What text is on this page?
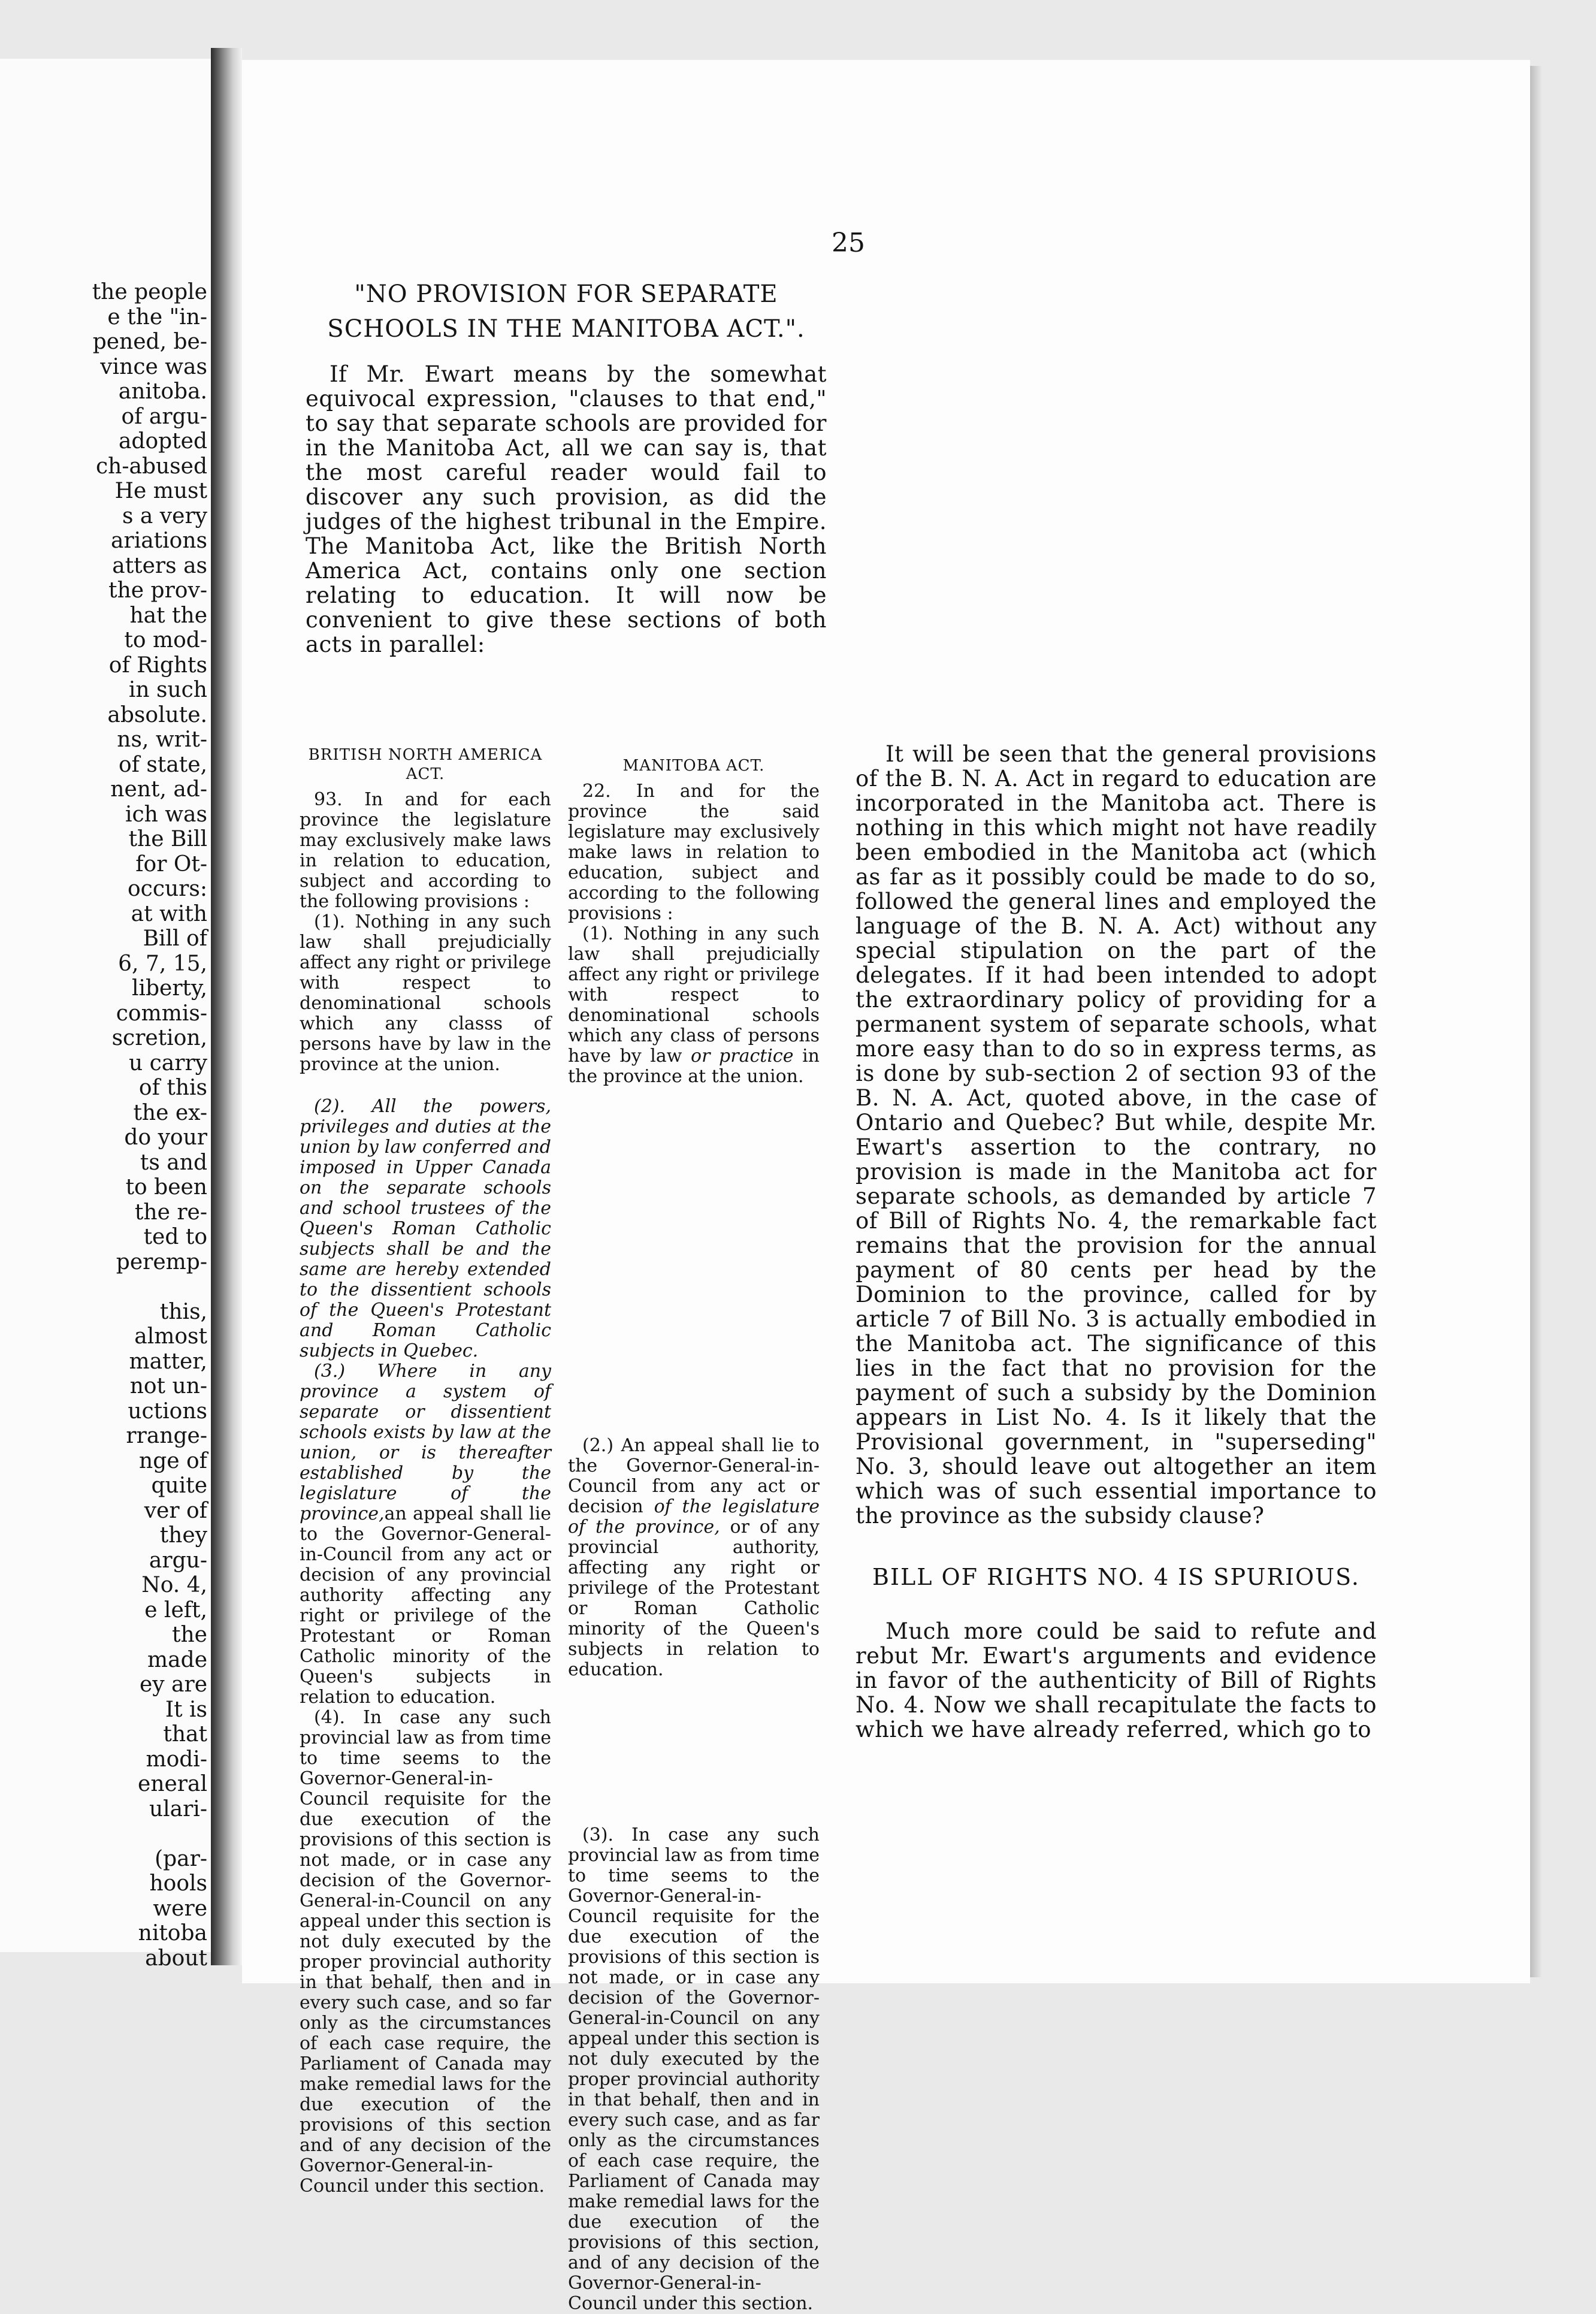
the people
e the "in-
pened, be-
vince was
anitoba.
of argu-
adopted
ch-abused
He must
s a very
ariations
atters as
the prov-
hat the
to mod-
of Rights
in such
absolute.
ns, writ-
of state,
nent, ad-
ich was
the Bill
for Ot-
occurs:
at with
Bill of
6, 7, 15,
liberty,
commis-
scretion,
u carry
of this
the ex-
do your
ts and
to been
the re-
ted to
peremp-
this,
almost
matter,
not un-
uctions
rrange-
nge of
quite
ver of
they
argu-
No. 4,
e left,
the
made
ey are
It is
that
modi-
eneral
ulari-
(par-
hools
were
nitoba
about
25

"NO PROVISION FOR SEPARATE SCHOOLS IN THE MANITOBA ACT.".

If Mr. Ewart means by the somewhat equivocal expression, "clauses to that end," to say that separate schools are provided for in the Manitoba Act, all we can say is, that the most careful reader would fail to discover any such provision, as did the judges of the highest tribunal in the Empire. The Manitoba Act, like the British North America Act, contains only one section relating to education. It will now be convenient to give these sections of both acts in parallel:

BRITISH NORTH AMERICA ACT.

93. In and for each province the legislature may exclusively make laws in relation to education, subject and according to the following provisions :

(1). Nothing in any such law shall prejudicially affect any right or privilege with respect to denominational schools which any classs of persons have by law in the province at the union.

(2). All the powers, privileges and duties at the union by law conferred and imposed in Upper Canada on the separate schools and school trustees of the Queen's Roman Catholic subjects shall be and the same are hereby extended to the dissentient schools of the Queen's Protestant and Roman Catholic subjects in Quebec.

(3.) Where in any province a system of separate or dissentient schools exists by law at the union, or is thereafter established by the legislature of the province,an appeal shall lie to the Governor-General-in-Council from any act or decision of any provincial authority affecting any right or privilege of the Protestant or Roman Catholic minority of the Queen's subjects in relation to education.

(4). In case any such provincial law as from time to time seems to the Governor-General-in-Council requisite for the due execution of the provisions of this section is not made, or in case any decision of the Governor-General-in-Council on any appeal under this section is not duly executed by the proper provincial authority in that behalf, then and in every such case, and so far only as the circumstances of each case require, the Parliament of Canada may make remedial laws for the due execution of the provisions of this section and of any decision of the Governor-General-in-Council under this section.

MANITOBA ACT.

22. In and for the province the said legislature may exclusively make laws in relation to education, subject and according to the following provisions :

(1). Nothing in any such law shall prejudicially affect any right or privilege with respect to denominational schools which any class of persons have by law or practice in the province at the union.

(2.) An appeal shall lie to the Governor-General-in-Council from any act or decision of the legislature of the province, or of any provincial authority, affecting any right or privilege of the Protestant or Roman Catholic minority of the Queen's subjects in relation to education.

(3). In case any such provincial law as from time to time seems to the Governor-General-in-Council requisite for the due execution of the provisions of this section is not made, or in case any decision of the Governor-General-in-Council on any appeal under this section is not duly executed by the proper provincial authority in that behalf, then and in every such case, and as far only as the circumstances of each case require, the Parliament of Canada may make remedial laws for the due execution of the provisions of this section, and of any decision of the Governor-General-in-Council under this section.

It will be seen that the general provisions of the B. N. A. Act in regard to education are incorporated in the Manitoba act. There is nothing in this which might not have readily been embodied in the Manitoba act (which as far as it possibly could be made to do so, followed the general lines and employed the language of the B. N. A. Act) without any special stipulation on the part of the delegates. If it had been intended to adopt the extraordinary policy of providing for a permanent system of separate schools, what more easy than to do so in express terms, as is done by sub-section 2 of section 93 of the B. N. A. Act, quoted above, in the case of Ontario and Quebec? But while, despite Mr. Ewart's assertion to the contrary, no provision is made in the Manitoba act for separate schools, as demanded by article 7 of Bill of Rights No. 4, the remarkable fact remains that the provision for the annual payment of 80 cents per head by the Dominion to the province, called for by article 7 of Bill No. 3 is actually embodied in the Manitoba act. The significance of this lies in the fact that no provision for the payment of such a subsidy by the Dominion appears in List No. 4. Is it likely that the Provisional government, in "superseding" No. 3, should leave out altogether an item which was of such essential importance to the province as the subsidy clause?

BILL OF RIGHTS NO. 4 IS SPURIOUS.

Much more could be said to refute and rebut Mr. Ewart's arguments and evidence in favor of the authenticity of Bill of Rights No. 4. Now we shall recapitulate the facts to which we have already referred, which go to
